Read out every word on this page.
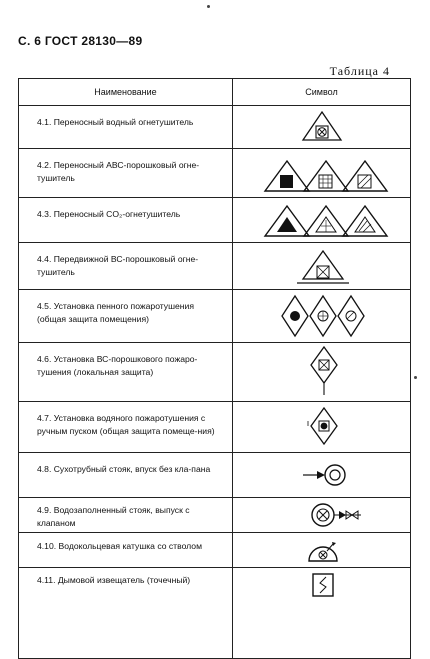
С. 6 ГОСТ 28130—89
Таблица 4
Наименование	Символ
4.1. Переносный водный огнетушитель	

4.2. Переносный АВС-порошковый огне-тушитель	

4.3. Переносный CO₂-огнетушитель	

4.4. Передвижной ВС-порошковый огне-тушитель	

4.5. Установка пенного пожаротушения (общая защита помещения)	

4.6. Установка ВС-порошкового пожаро-тушения (локальная защита)	

4.7. Установка водяного пожаротушения с ручным пуском (общая защита помеще-ния)	

4.8. Сухотрубный стояк, впуск без кла-пана	

4.9. Водозаполненный стояк, выпуск с клапаном	

4.10. Водокольцевая катушка со стволом	

4.11. Дымовой извещатель (точечный)	
